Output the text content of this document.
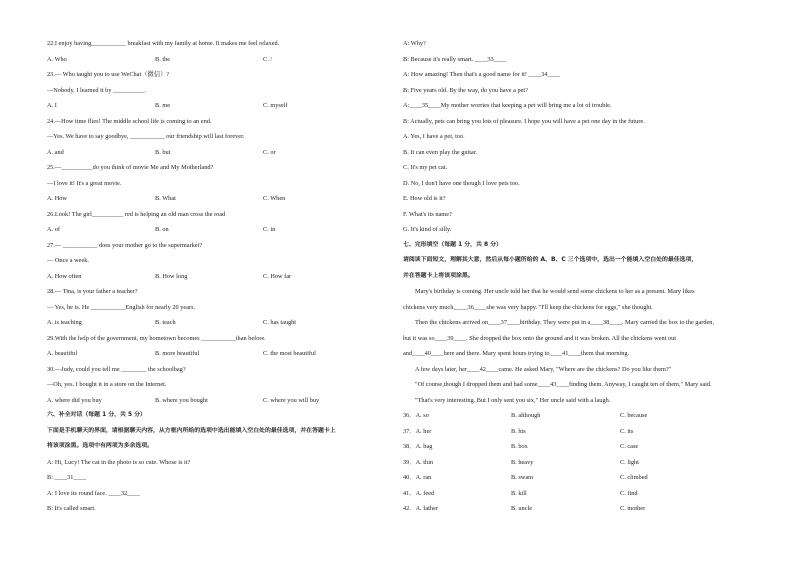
22.I enjoy having___________ breakfast with my family at home. It makes me feel relaxed.
A. Who	B. the	C. /
23.— Who taught you to use WeChat（微信）?
—Nobody. I learned it by __________.
A. I	B. me	C. myself
24.—How time flies! The middle school life is coming to an end.
—Yes. We have to say goodbye, ___________ our friendship will last forever.
A. and	B. but	C. or
25.—__________do you think of movie Me and My Motherland?
—I love it! It's a great movie.
A. How	B. What	C. When
26.Look! The girl__________ red is helping an old man cross the road
A. of	B. on	C. in
27.— ___________ does your mother go to the supermarket?
— Once a week.
A. How often	B. How long	C. How far
28.— Tina, is your father a teacher?
— Yes, he is. He ___________English for nearly 20 years.
A. is teaching	B. teach	C. has taught
29.With the help of the government, my hometown becomes ___________than before.
A. beautiful	B. more beautiful	C. the most beautiful
30.—Judy, could you tell me ________ the schoolbag?
—Oh, yes. I bought it in a store on the Internet.
A. where did you buy	B. where you bought	C. where you will buy
六、补全对话（每题 1 分，共 5 分）
下面是手机聊天的界面，请根据聊天内容，从方框内所给的选项中选出能填入空白处的最佳选项，并在答题卡上
将该项涂黑。选项中有两项为多余选项。
A: Hi, Lucy! The cat in the photo is so cute. Whose is it?
B: ____31____
A: I love its round face. ____32____
B: It's called smart.
A: Why?
B: Because it's really smart. ____33____
A: How amazing! Then that's a good name for it! ____34____
B: Five years old. By the way, do you have a pet?
A:____35____My mother worries that keeping a pet will bring me a lot of trouble.
B: Actually, pets can bring you lots of pleasure. I hope you will have a pet one day in the future.
A. Yes, I have a pet, too.
B. It can even play the guitar.
C. It's my pet cat.
D. No, I don't have one though I love pets too.
E. How old is it?
F. What's its name?
G. It's kind of silly.
七、完形填空（每题 1 分，共 8 分）
请阅读下面短文，理解其大意，然后从每小题所给的 A、B、C 三个选项中，选出一个能填入空白处的最佳选项，
并在答题卡上将该项涂黑。
Mary's birthday is coming. Her uncle told her that he would send some chickens to her as a present. Mary likes
chickens very much,____36____she was very happy. "I'll keep the chickens for eggs," she thought.
Then the chickens arrived on____37____birthday. They were put in a____38____. Mary carried the box to the garden,
but it was so____39____. She dropped the box onto the ground and it was broken. All the chickens went out
and____40____here and there. Mary spent hours trying to____41____them that morning.
A few days later, her____42____came. He asked Mary, "Where are the chickens? Do you like them?"
"Of course,though I dropped them and had some____43____finding them. Anyway, I caught ten of them," Mary said.
"That's very interesting. But I only sent you six," Her uncle said with a laugh.
36．A. so	B. although	C. because
37．A. her	B. his	C. its
38．A. bag	B. box	C. case
39．A. thin	B. heavy	C. light
40．A. ran	B. swam	C. climbed
41．A. feed	B. kill	C. find
42．A. father	B. uncle	C. mother
